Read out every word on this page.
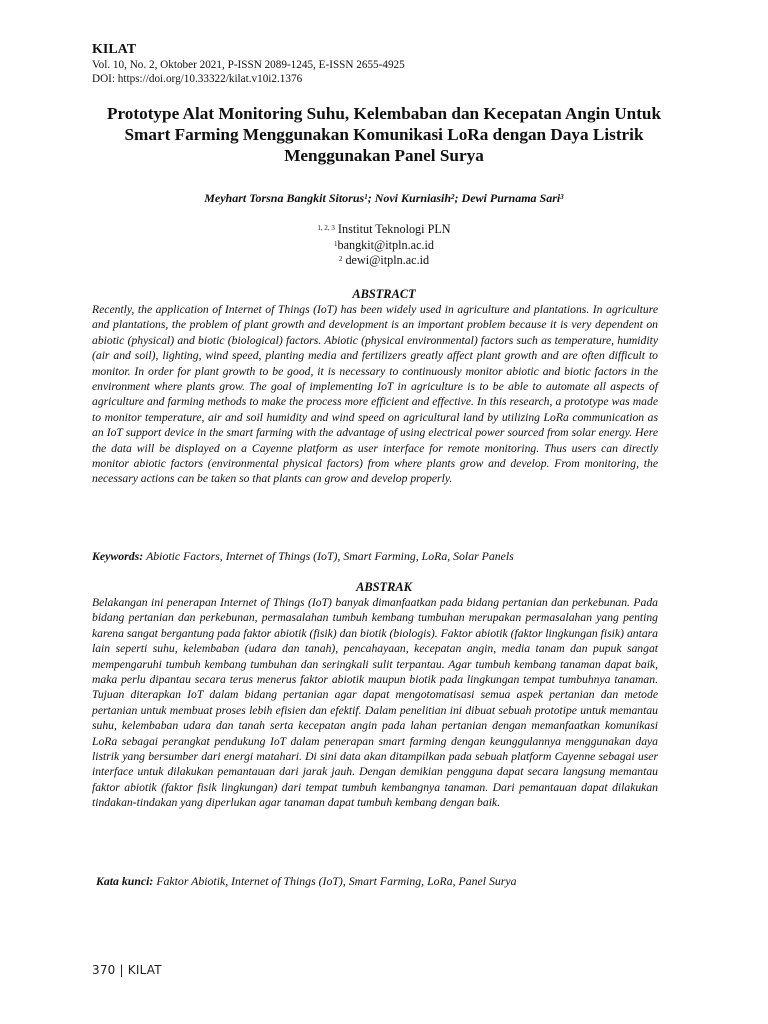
KILAT
Vol. 10, No. 2, Oktober 2021, P-ISSN 2089-1245, E-ISSN 2655-4925
DOI: https://doi.org/10.33322/kilat.v10i2.1376
Prototype Alat Monitoring Suhu, Kelembaban dan Kecepatan Angin Untuk Smart Farming Menggunakan Komunikasi LoRa dengan Daya Listrik Menggunakan Panel Surya
Meyhart Torsna Bangkit Sitorus$^1$; Novi Kurniasih$^2$; Dewi Purnama Sari$^3$
$^{1, 2, 3}$ Institut Teknologi PLN
$^1$bangkit@itpln.ac.id
$^2$ dewi@itpln.ac.id
ABSTRACT
Recently, the application of Internet of Things (IoT) has been widely used in agriculture and plantations. In agriculture and plantations, the problem of plant growth and development is an important problem because it is very dependent on abiotic (physical) and biotic (biological) factors. Abiotic (physical environmental) factors such as temperature, humidity (air and soil), lighting, wind speed, planting media and fertilizers greatly affect plant growth and are often difficult to monitor. In order for plant growth to be good, it is necessary to continuously monitor abiotic and biotic factors in the environment where plants grow. The goal of implementing IoT in agriculture is to be able to automate all aspects of agriculture and farming methods to make the process more efficient and effective. In this research, a prototype was made to monitor temperature, air and soil humidity and wind speed on agricultural land by utilizing LoRa communication as an IoT support device in the smart farming with the advantage of using electrical power sourced from solar energy. Here the data will be displayed on a Cayenne platform as user interface for remote monitoring. Thus users can directly monitor abiotic factors (environmental physical factors) from where plants grow and develop. From monitoring, the necessary actions can be taken so that plants can grow and develop properly.
Keywords: Abiotic Factors, Internet of Things (IoT), Smart Farming, LoRa, Solar Panels
ABSTRAK
Belakangan ini penerapan Internet of Things (IoT) banyak dimanfaatkan pada bidang pertanian dan perkebunan. Pada bidang pertanian dan perkebunan, permasalahan tumbuh kembang tumbuhan merupakan permasalahan yang penting karena sangat bergantung pada faktor abiotik (fisik) dan biotik (biologis). Faktor abiotik (faktor lingkungan fisik) antara lain seperti suhu, kelembaban (udara dan tanah), pencahayaan, kecepatan angin, media tanam dan pupuk sangat mempengaruhi tumbuh kembang tumbuhan dan seringkali sulit terpantau. Agar tumbuh kembang tanaman dapat baik, maka perlu dipantau secara terus menerus faktor abiotik maupun biotik pada lingkungan tempat tumbuhnya tanaman. Tujuan diterapkan IoT dalam bidang pertanian agar dapat mengotomatisasi semua aspek pertanian dan metode pertanian untuk membuat proses lebih efisien dan efektif. Dalam penelitian ini dibuat sebuah prototipe untuk memantau suhu, kelembaban udara dan tanah serta kecepatan angin pada lahan pertanian dengan memanfaatkan komunikasi LoRa sebagai perangkat pendukung IoT dalam penerapan smart farming dengan keunggulannya menggunakan daya listrik yang bersumber dari energi matahari. Di sini data akan ditampilkan pada sebuah platform Cayenne sebagai user interface untuk dilakukan pemantauan dari jarak jauh. Dengan demikian pengguna dapat secara langsung memantau faktor abiotik (faktor fisik lingkungan) dari tempat tumbuh kembangnya tanaman. Dari pemantauan dapat dilakukan tindakan-tindakan yang diperlukan agar tanaman dapat tumbuh kembang dengan baik.
Kata kunci: Faktor Abiotik, Internet of Things (IoT), Smart Farming, LoRa, Panel Surya
370 | KILAT
